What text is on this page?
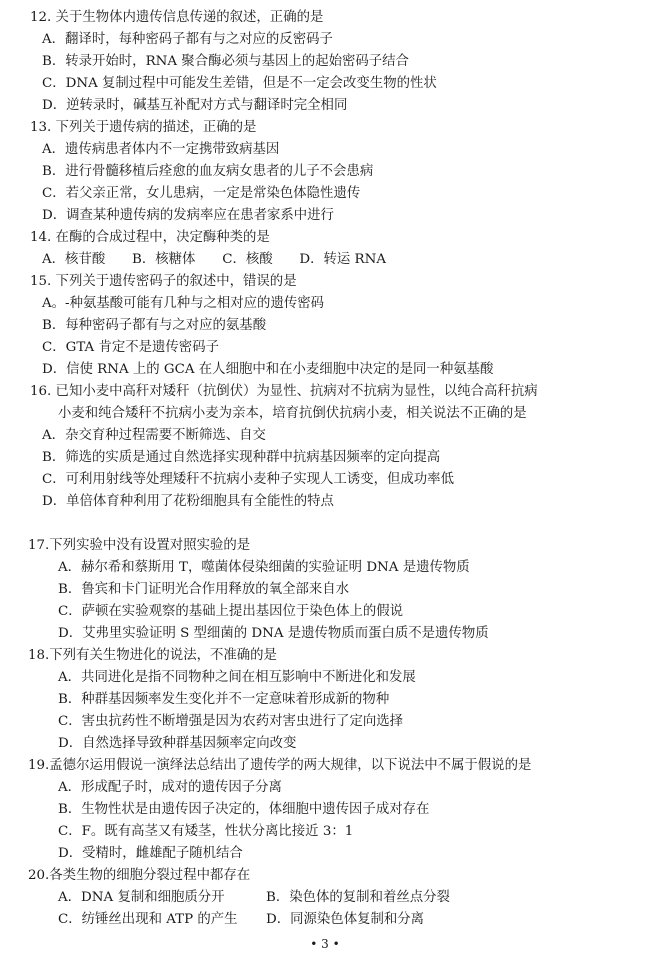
12. 关于生物体内遗传信息传递的叙述，正确的是
A．翻译时，每种密码子都有与之对应的反密码子
B．转录开始时，RNA 聚合酶必须与基因上的起始密码子结合
C．DNA 复制过程中可能发生差错，但是不一定会改变生物的性状
D．逆转录时，碱基互补配对方式与翻译时完全相同
13. 下列关于遗传病的描述，正确的是
A．遗传病患者体内不一定携带致病基因
B．进行骨髓移植后痊愈的血友病女患者的儿子不会患病
C．若父亲正常，女儿患病，一定是常染色体隐性遗传
D．调查某种遗传病的发病率应在患者家系中进行
14. 在酶的合成过程中，决定酶种类的是
A．核苷酸　　B．核糖体　　C．核酸　　D．转运 RNA
15. 下列关于遗传密码子的叙述中，错误的是
A。-种氨基酸可能有几种与之相对应的遗传密码
B．每种密码子都有与之对应的氨基酸
C．GTA 肯定不是遗传密码子
D．信使 RNA 上的 GCA 在人细胞中和在小麦细胞中决定的是同一种氨基酸
16. 已知小麦中高秆对矮秆（抗倒伏）为显性、抗病对不抗病为显性，以纯合高秆抗病
小麦和纯合矮秆不抗病小麦为亲本，培育抗倒伏抗病小麦，相关说法不正确的是
A．杂交育种过程需要不断筛选、自交
B．筛选的实质是通过自然选择实现种群中抗病基因频率的定向提高
C．可利用射线等处理矮秆不抗病小麦种子实现人工诱变，但成功率低
D．单倍体育种利用了花粉细胞具有全能性的特点
17.下列实验中没有设置对照实验的是
A．赫尔希和蔡斯用 T，噬菌体侵染细菌的实验证明 DNA 是遗传物质
B．鲁宾和卡门证明光合作用释放的氧全部来自水
C．萨顿在实验观察的基础上提出基因位于染色体上的假说
D．艾弗里实验证明 S 型细菌的 DNA 是遗传物质而蛋白质不是遗传物质
18.下列有关生物进化的说法，不准确的是
A．共同进化是指不同物种之间在相互影响中不断进化和发展
B．种群基因频率发生变化并不一定意味着形成新的物种
C．害虫抗药性不断增强是因为农药对害虫进行了定向选择
D．自然选择导致种群基因频率定向改变
19.孟德尔运用假说一演绎法总结出了遗传学的两大规律，以下说法中不属于假说的是
A．形成配子时，成对的遗传因子分离
B．生物性状是由遗传因子决定的，体细胞中遗传因子成对存在
C．F。既有高茎又有矮茎，性状分离比接近 3：1
D．受精时，雌雄配子随机结合
20.各类生物的细胞分裂过程中都存在
A．DNA 复制和细胞质分开	B．染色体的复制和着丝点分裂
C．纺锤丝出现和 ATP 的产生 D．同源染色体复制和分离
• 3 •
